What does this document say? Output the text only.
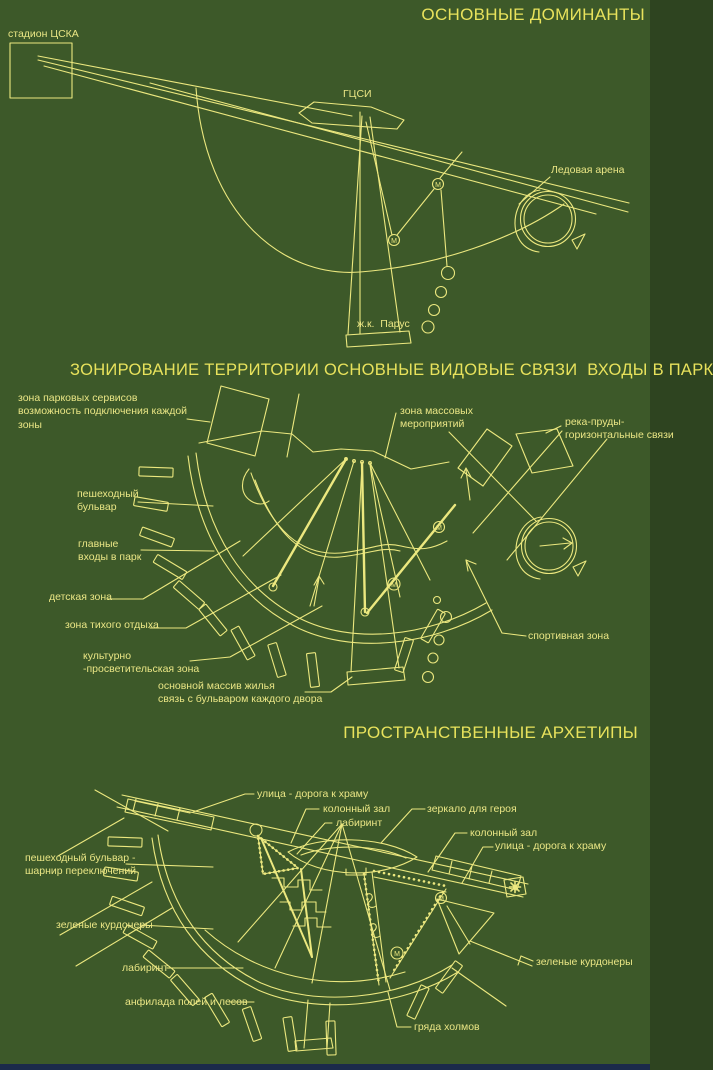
М
М
М
М
М
М
ОСНОВНЫЕ ДОМИНАНТЫ
ЗОНИРОВАНИЕ ТЕРРИТОРИИ ОСНОВНЫЕ ВИДОВЫЕ СВЯЗИ  ВХОДЫ В ПАРК
ПРОСТРАНСТВЕННЫЕ АРХЕТИПЫ
стадион ЦСКА
ГЦСИ
Ледовая арена
ж.к.  Парус
зона парковых сервисов
возможность подключения каждой
зоны
зона массовых
мероприятий	река-пруды-
горизонтальные связи
пешеходный
бульвар
главные
входы в парк
детская зона
зона тихого отдыха
культурно
-просветительская зона
основной массив жилья
связь с бульваром каждого двора
спортивная зона
улица - дорога к храму
колонный зал
лабиринт
зеркало для героя
колонный зал
улица - дорога к храму
пешеходный бульвар -
шарнир переключений
зеленые курдонеры
лабиринт
анфилада полей и лесов
зеленые курдонеры
гряда холмов
